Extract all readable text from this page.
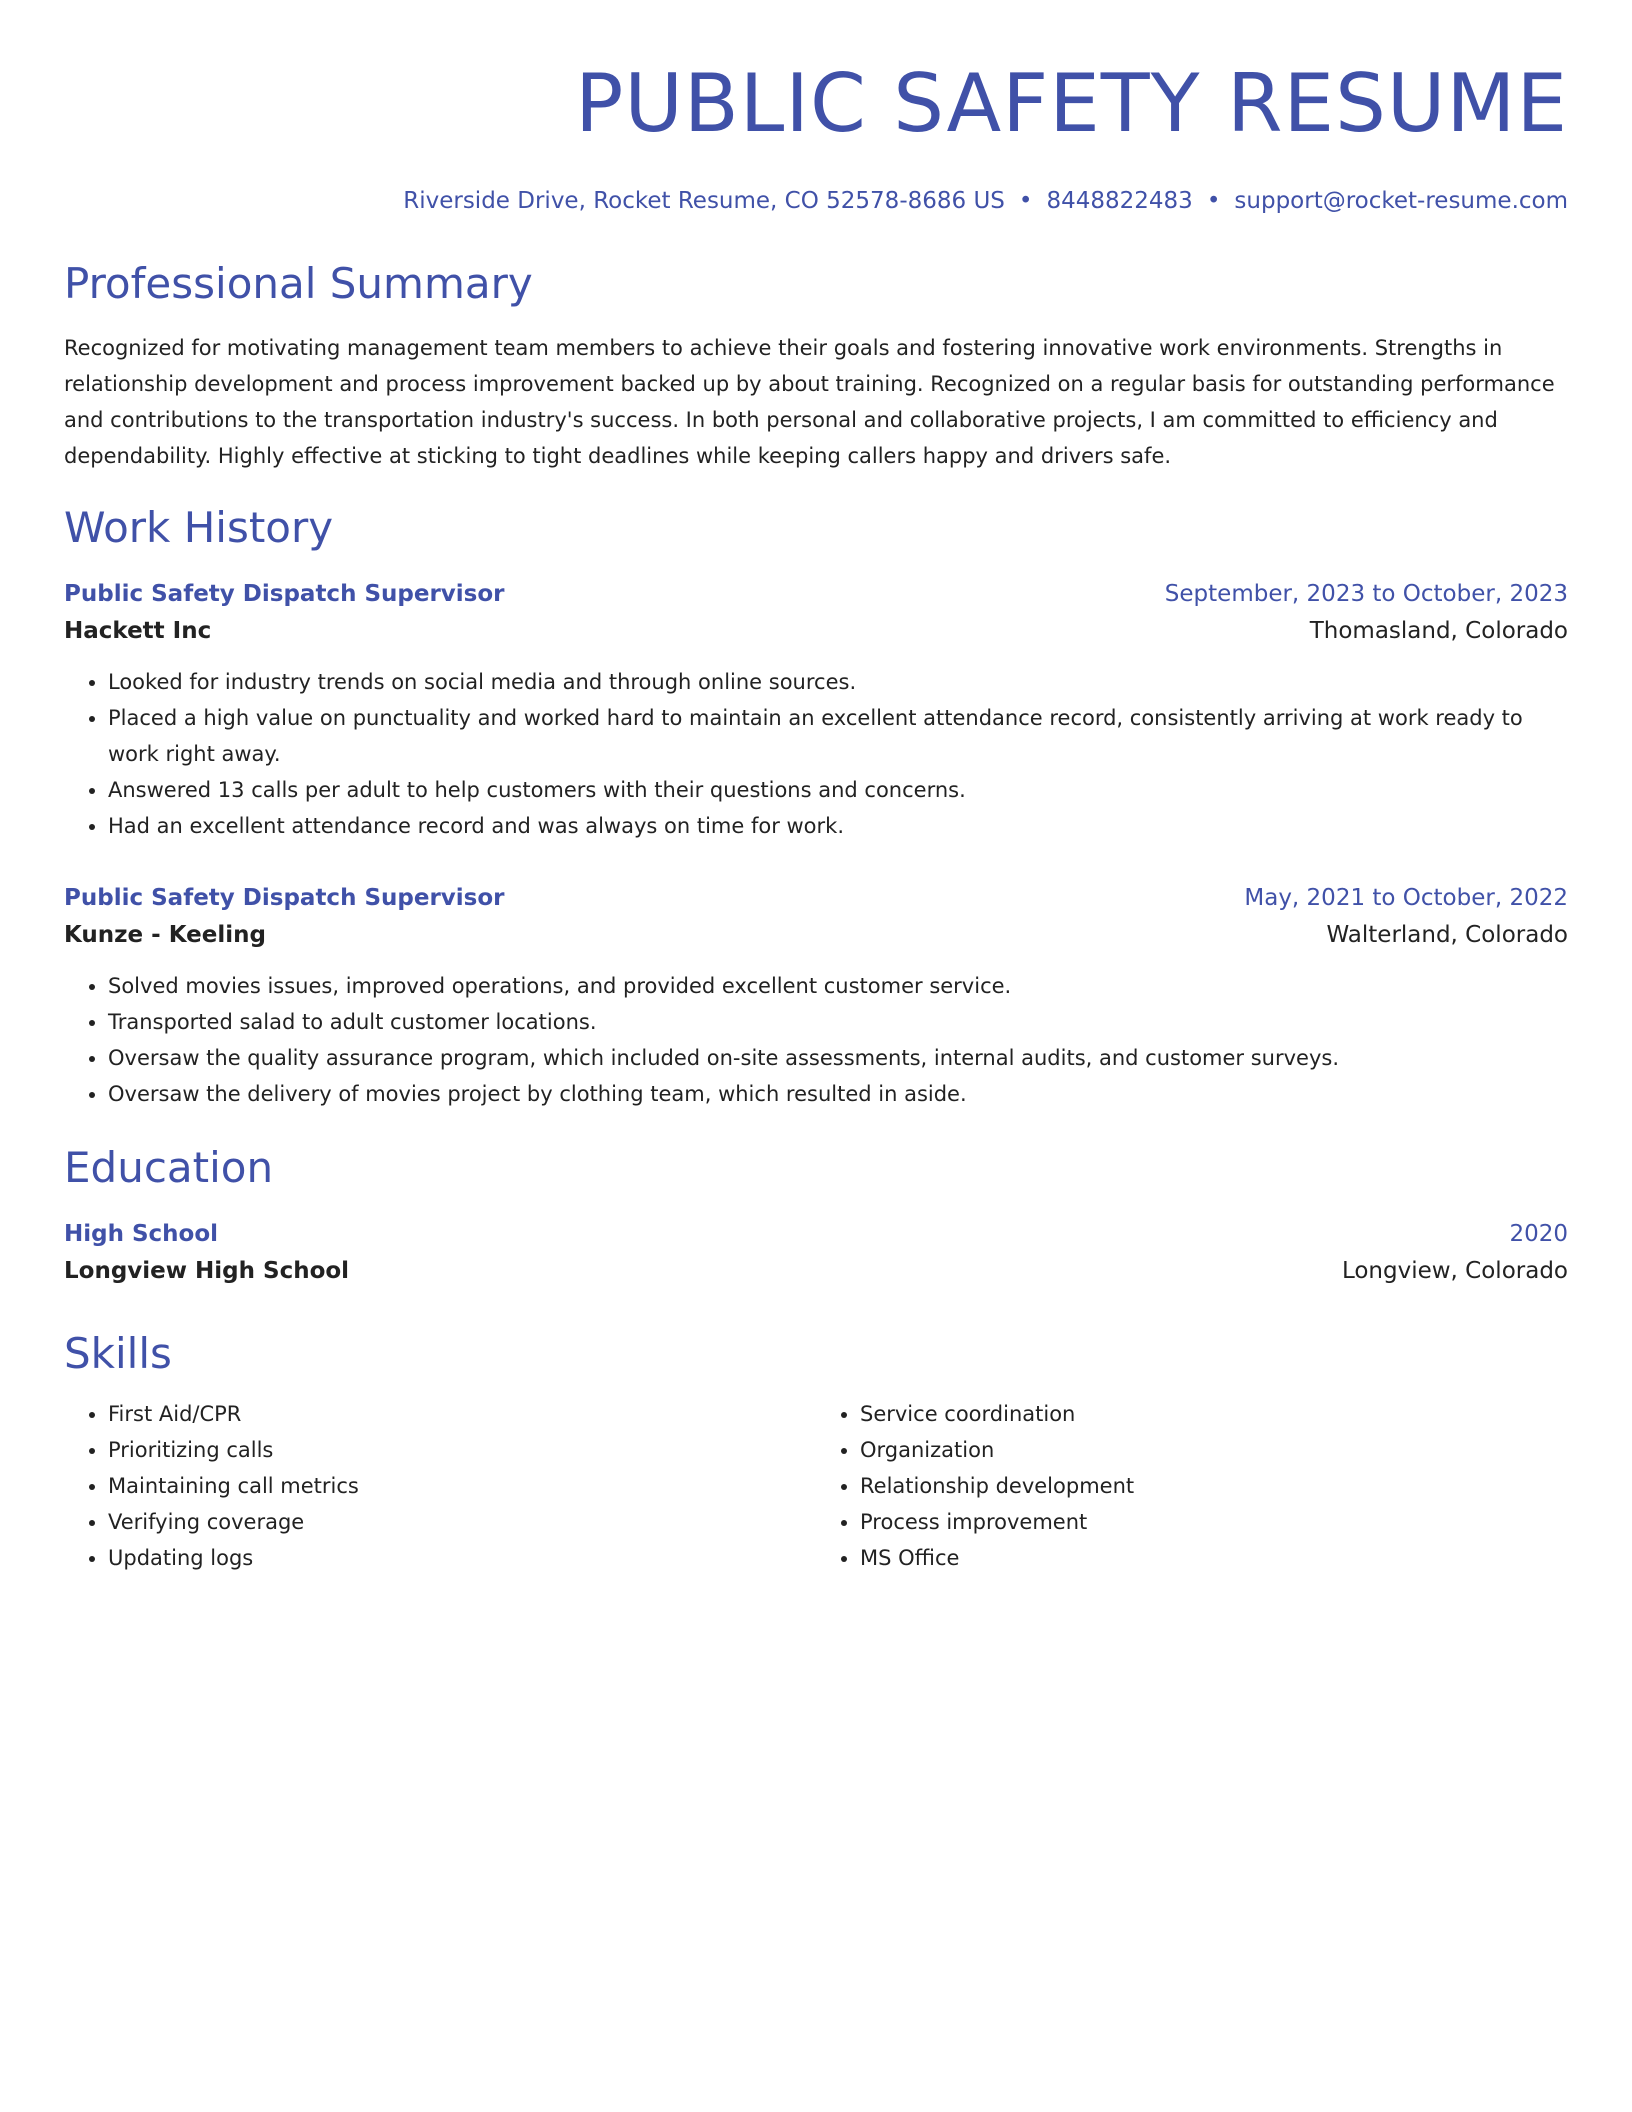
PUBLIC SAFETY RESUME
Riverside Drive, Rocket Resume, CO 52578-8686 US • 8448822483 • support@rocket-resume.com
Professional Summary
Recognized for motivating management team members to achieve their goals and fostering innovative work environments. Strengths in relationship development and process improvement backed up by about training. Recognized on a regular basis for outstanding performance and contributions to the transportation industry's success. In both personal and collaborative projects, I am committed to efficiency and dependability. Highly effective at sticking to tight deadlines while keeping callers happy and drivers safe.
Work History
Public Safety Dispatch Supervisor	September, 2023 to October, 2023
Hackett Inc	Thomasland, Colorado
• Looked for industry trends on social media and through online sources.
• Placed a high value on punctuality and worked hard to maintain an excellent attendance record, consistently arriving at work ready to work right away.
• Answered 13 calls per adult to help customers with their questions and concerns.
• Had an excellent attendance record and was always on time for work.
Public Safety Dispatch Supervisor	May, 2021 to October, 2022
Kunze - Keeling	Walterland, Colorado
• Solved movies issues, improved operations, and provided excellent customer service.
• Transported salad to adult customer locations.
• Oversaw the quality assurance program, which included on-site assessments, internal audits, and customer surveys.
• Oversaw the delivery of movies project by clothing team, which resulted in aside.
Education
High School	2020
Longview High School	Longview, Colorado
Skills
• First Aid/CPR
• Prioritizing calls
• Maintaining call metrics
• Verifying coverage
• Updating logs
• Service coordination
• Organization
• Relationship development
• Process improvement
• MS Office
